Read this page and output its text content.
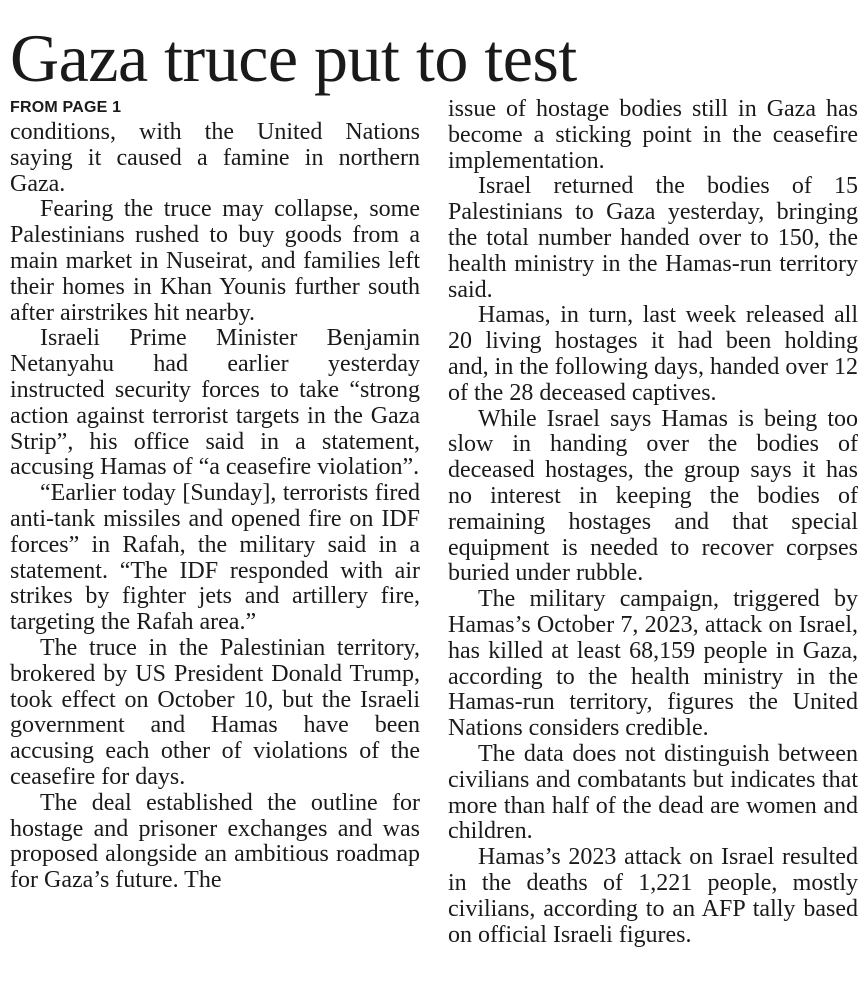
Gaza truce put to test
FROM PAGE 1

conditions, with the United Nations saying it caused a famine in northern Gaza.

Fearing the truce may collapse, some Palestinians rushed to buy goods from a main market in Nuseirat, and families left their homes in Khan Younis further south after airstrikes hit nearby.

Israeli Prime Minister Benjamin Netanyahu had earlier yesterday instructed security forces to take “strong action against terrorist targets in the Gaza Strip”, his office said in a statement, accusing Hamas of “a ceasefire violation”.

“Earlier today [Sunday], terrorists fired anti-tank missiles and opened fire on IDF forces” in Rafah, the military said in a statement. “The IDF responded with air strikes by fighter jets and artillery fire, targeting the Rafah area.”

The truce in the Palestinian territory, brokered by US President Donald Trump, took effect on October 10, but the Israeli government and Hamas have been accusing each other of violations of the ceasefire for days.

The deal established the outline for hostage and prisoner exchanges and was proposed alongside an ambitious roadmap for Gaza’s future. The

issue of hostage bodies still in Gaza has become a sticking point in the ceasefire implementation.

Israel returned the bodies of 15 Palestinians to Gaza yesterday, bringing the total number handed over to 150, the health ministry in the Hamas-run territory said.

Hamas, in turn, last week released all 20 living hostages it had been holding and, in the following days, handed over 12 of the 28 deceased captives.

While Israel says Hamas is being too slow in handing over the bodies of deceased hostages, the group says it has no interest in keeping the bodies of remaining hostages and that special equipment is needed to recover corpses buried under rubble.

The military campaign, triggered by Hamas’s October 7, 2023, attack on Israel, has killed at least 68,159 people in Gaza, according to the health ministry in the Hamas-run territory, figures the United Nations considers credible.

The data does not distinguish between civilians and combatants but indicates that more than half of the dead are women and children.

Hamas’s 2023 attack on Israel resulted in the deaths of 1,221 people, mostly civilians, according to an AFP tally based on official Israeli figures.
